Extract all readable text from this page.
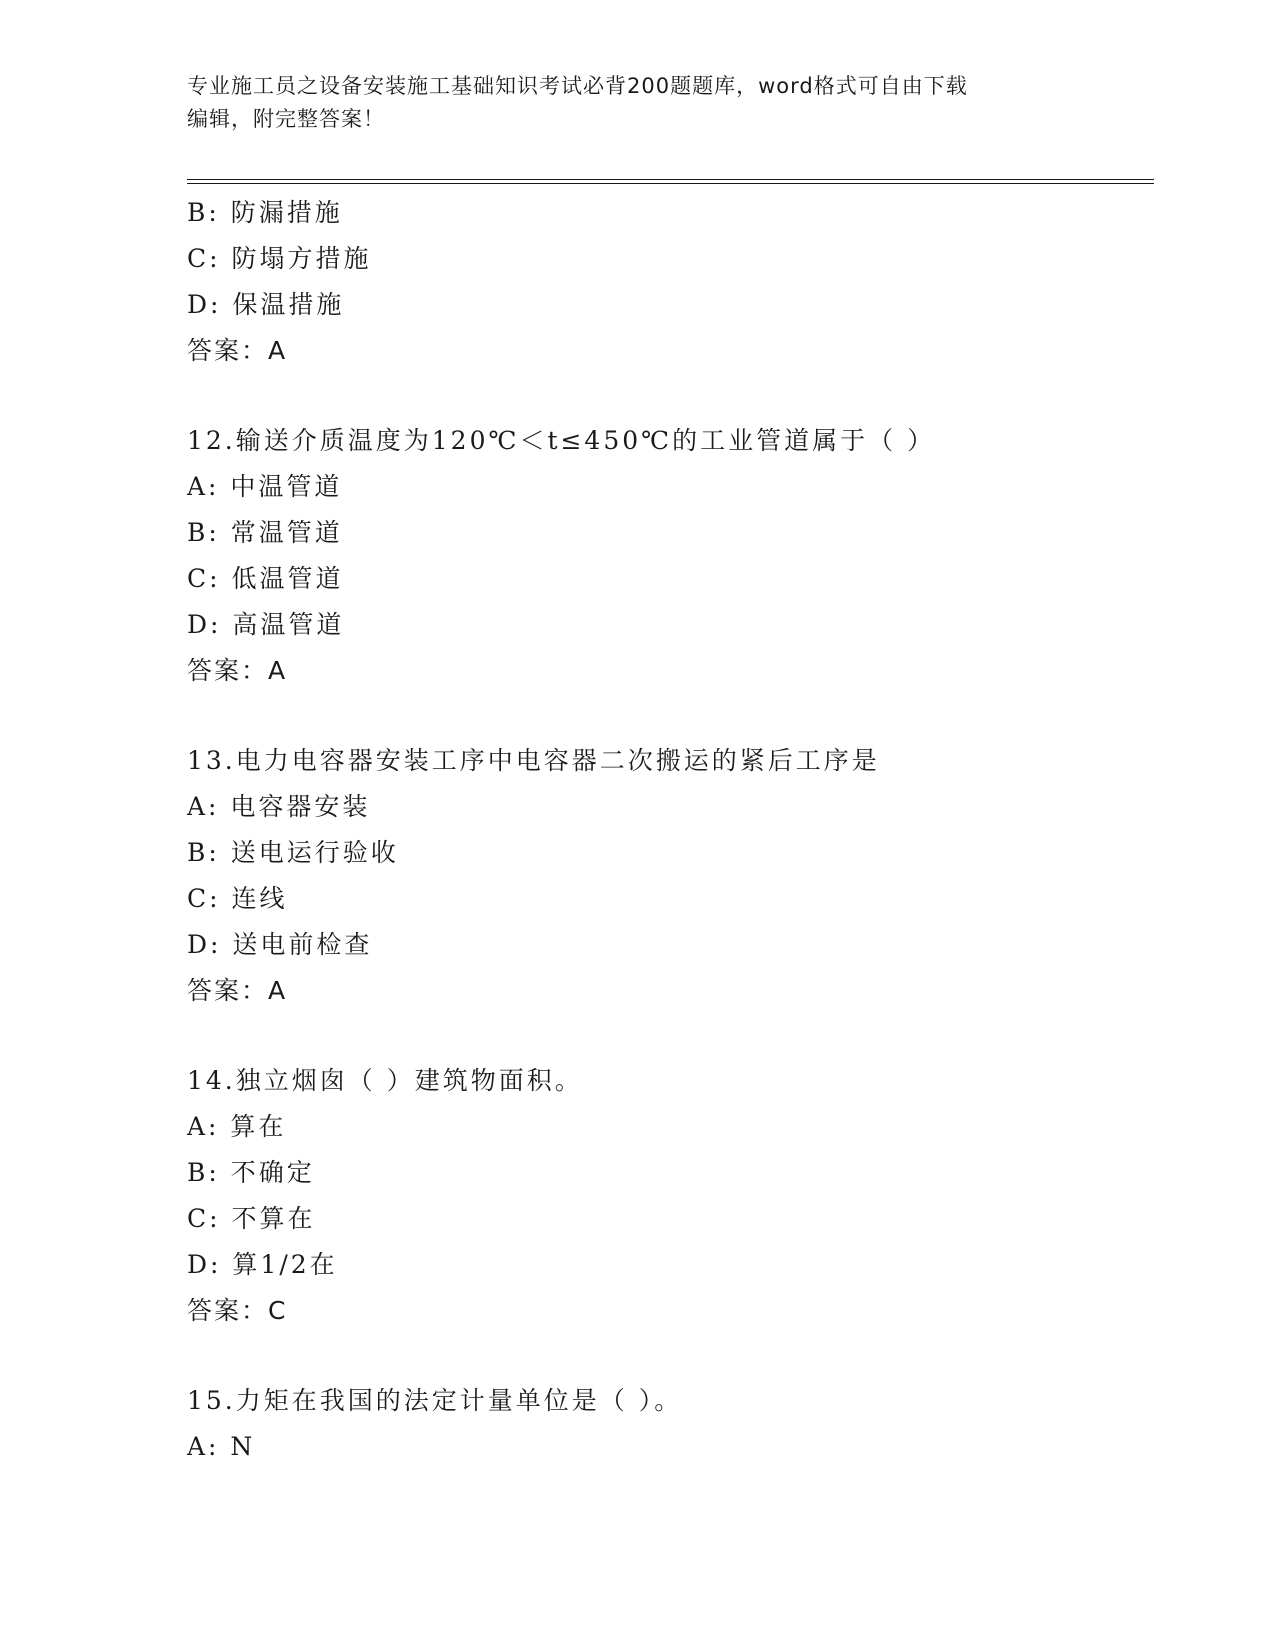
专业施工员之设备安装施工基础知识考试必背200题题库，word格式可自由下载
编辑，附完整答案！
B: 防漏措施
C: 防塌方措施
D: 保温措施
答案：A
12.输送介质温度为120℃＜t≤450℃的工业管道属于（ ）
A: 中温管道
B: 常温管道
C: 低温管道
D: 高温管道
答案：A
13.电力电容器安装工序中电容器二次搬运的紧后工序是
A: 电容器安装
B: 送电运行验收
C: 连线
D: 送电前检查
答案：A
14.独立烟囱（ ）建筑物面积。
A: 算在
B: 不确定
C: 不算在
D: 算1/2在
答案：C
15.力矩在我国的法定计量单位是（ ）。
A: N
